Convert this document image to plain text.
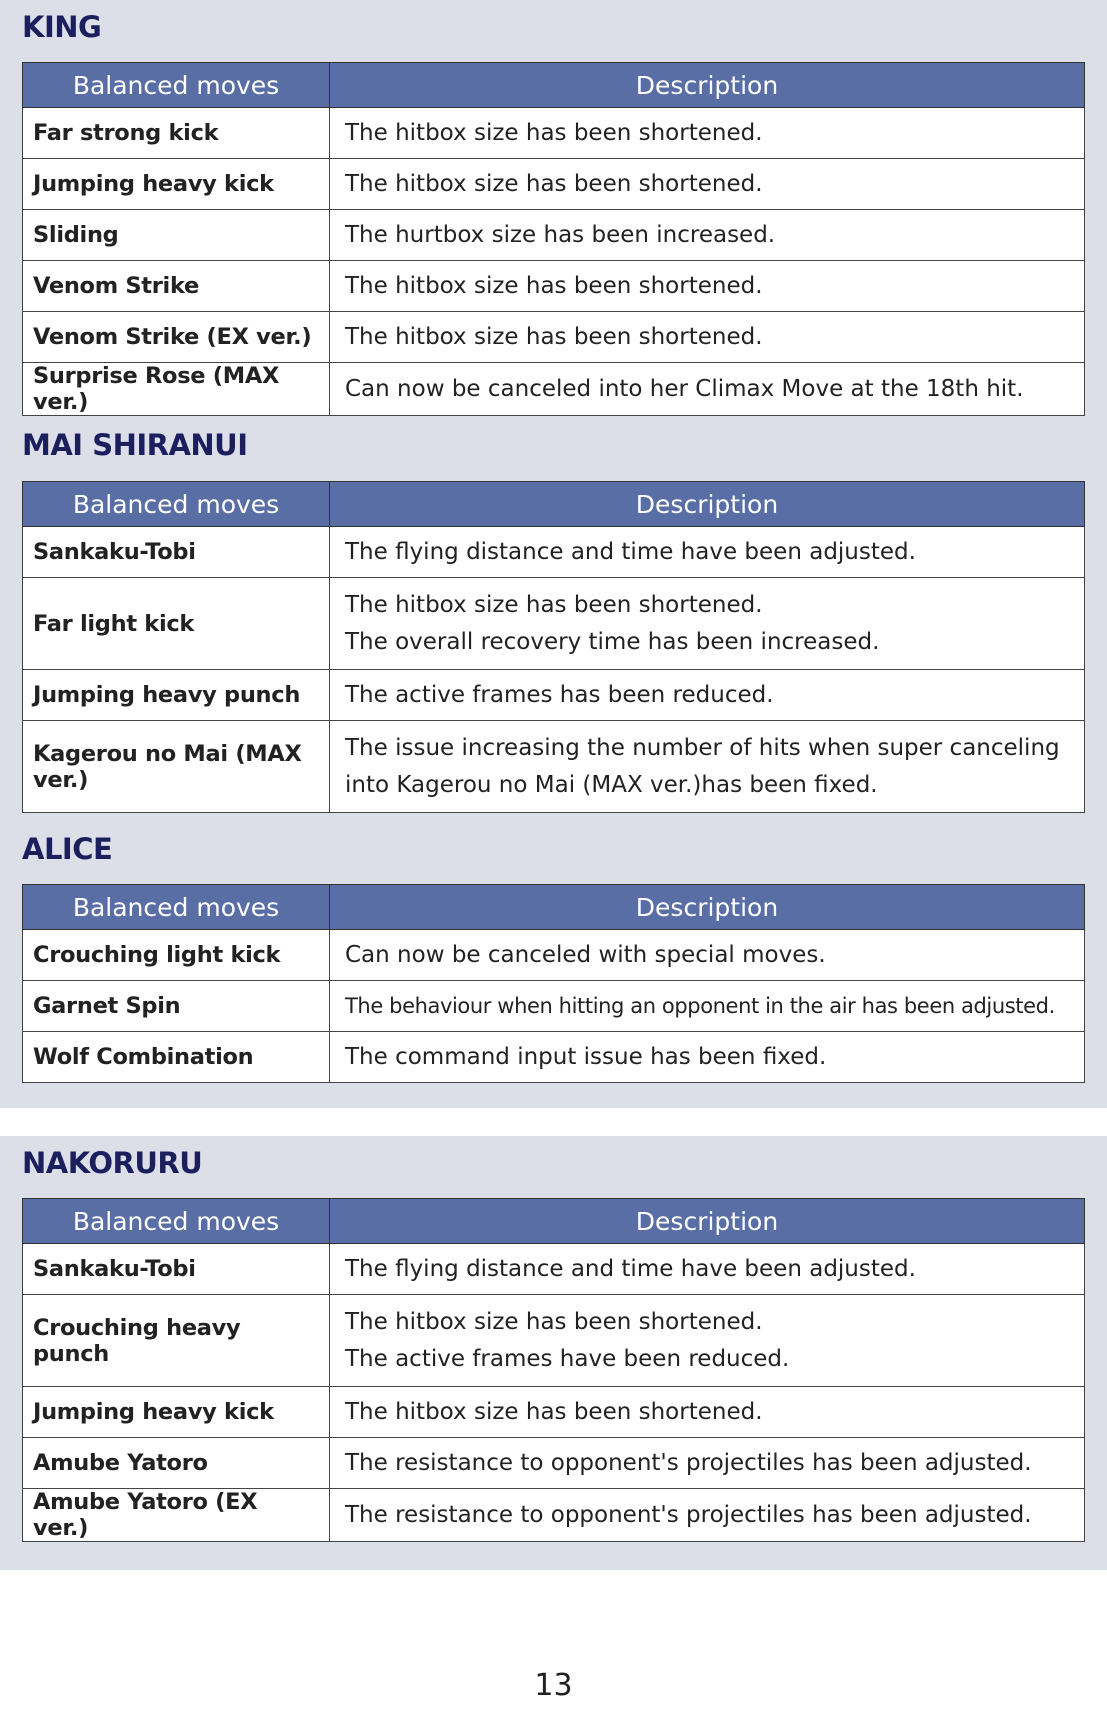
KING
Balanced moves	Description
Far strong kick	The hitbox size has been shortened.

Jumping heavy kick	The hitbox size has been shortened.

Sliding	The hurtbox size has been increased.

Venom Strike	The hitbox size has been shortened.

Venom Strike (EX ver.)	The hitbox size has been shortened.

Surprise Rose (MAX ver.)	Can now be canceled into her Climax Move at the 18th hit.
MAI SHIRANUI
Balanced moves	Description
Sankaku-Tobi	The flying distance and time have been adjusted.

Far light kick	The hitbox size has been shortened.
The overall recovery time has been increased.

Jumping heavy punch	The active frames has been reduced.

Kagerou no Mai (MAX ver.)	The issue increasing the number of hits when super canceling
into Kagerou no Mai (MAX ver.)has been fixed.
ALICE
Balanced moves	Description
Crouching light kick	Can now be canceled with special moves.

Garnet Spin	The behaviour when hitting an opponent in the air has been adjusted.

Wolf Combination	The command input issue has been fixed.
NAKORURU
Balanced moves	Description
Sankaku-Tobi	The flying distance and time have been adjusted.

Crouching heavy punch	The hitbox size has been shortened.
The active frames have been reduced.

Jumping heavy kick	The hitbox size has been shortened.

Amube Yatoro	The resistance to opponent's projectiles has been adjusted.

Amube Yatoro (EX ver.)	The resistance to opponent's projectiles has been adjusted.
13
